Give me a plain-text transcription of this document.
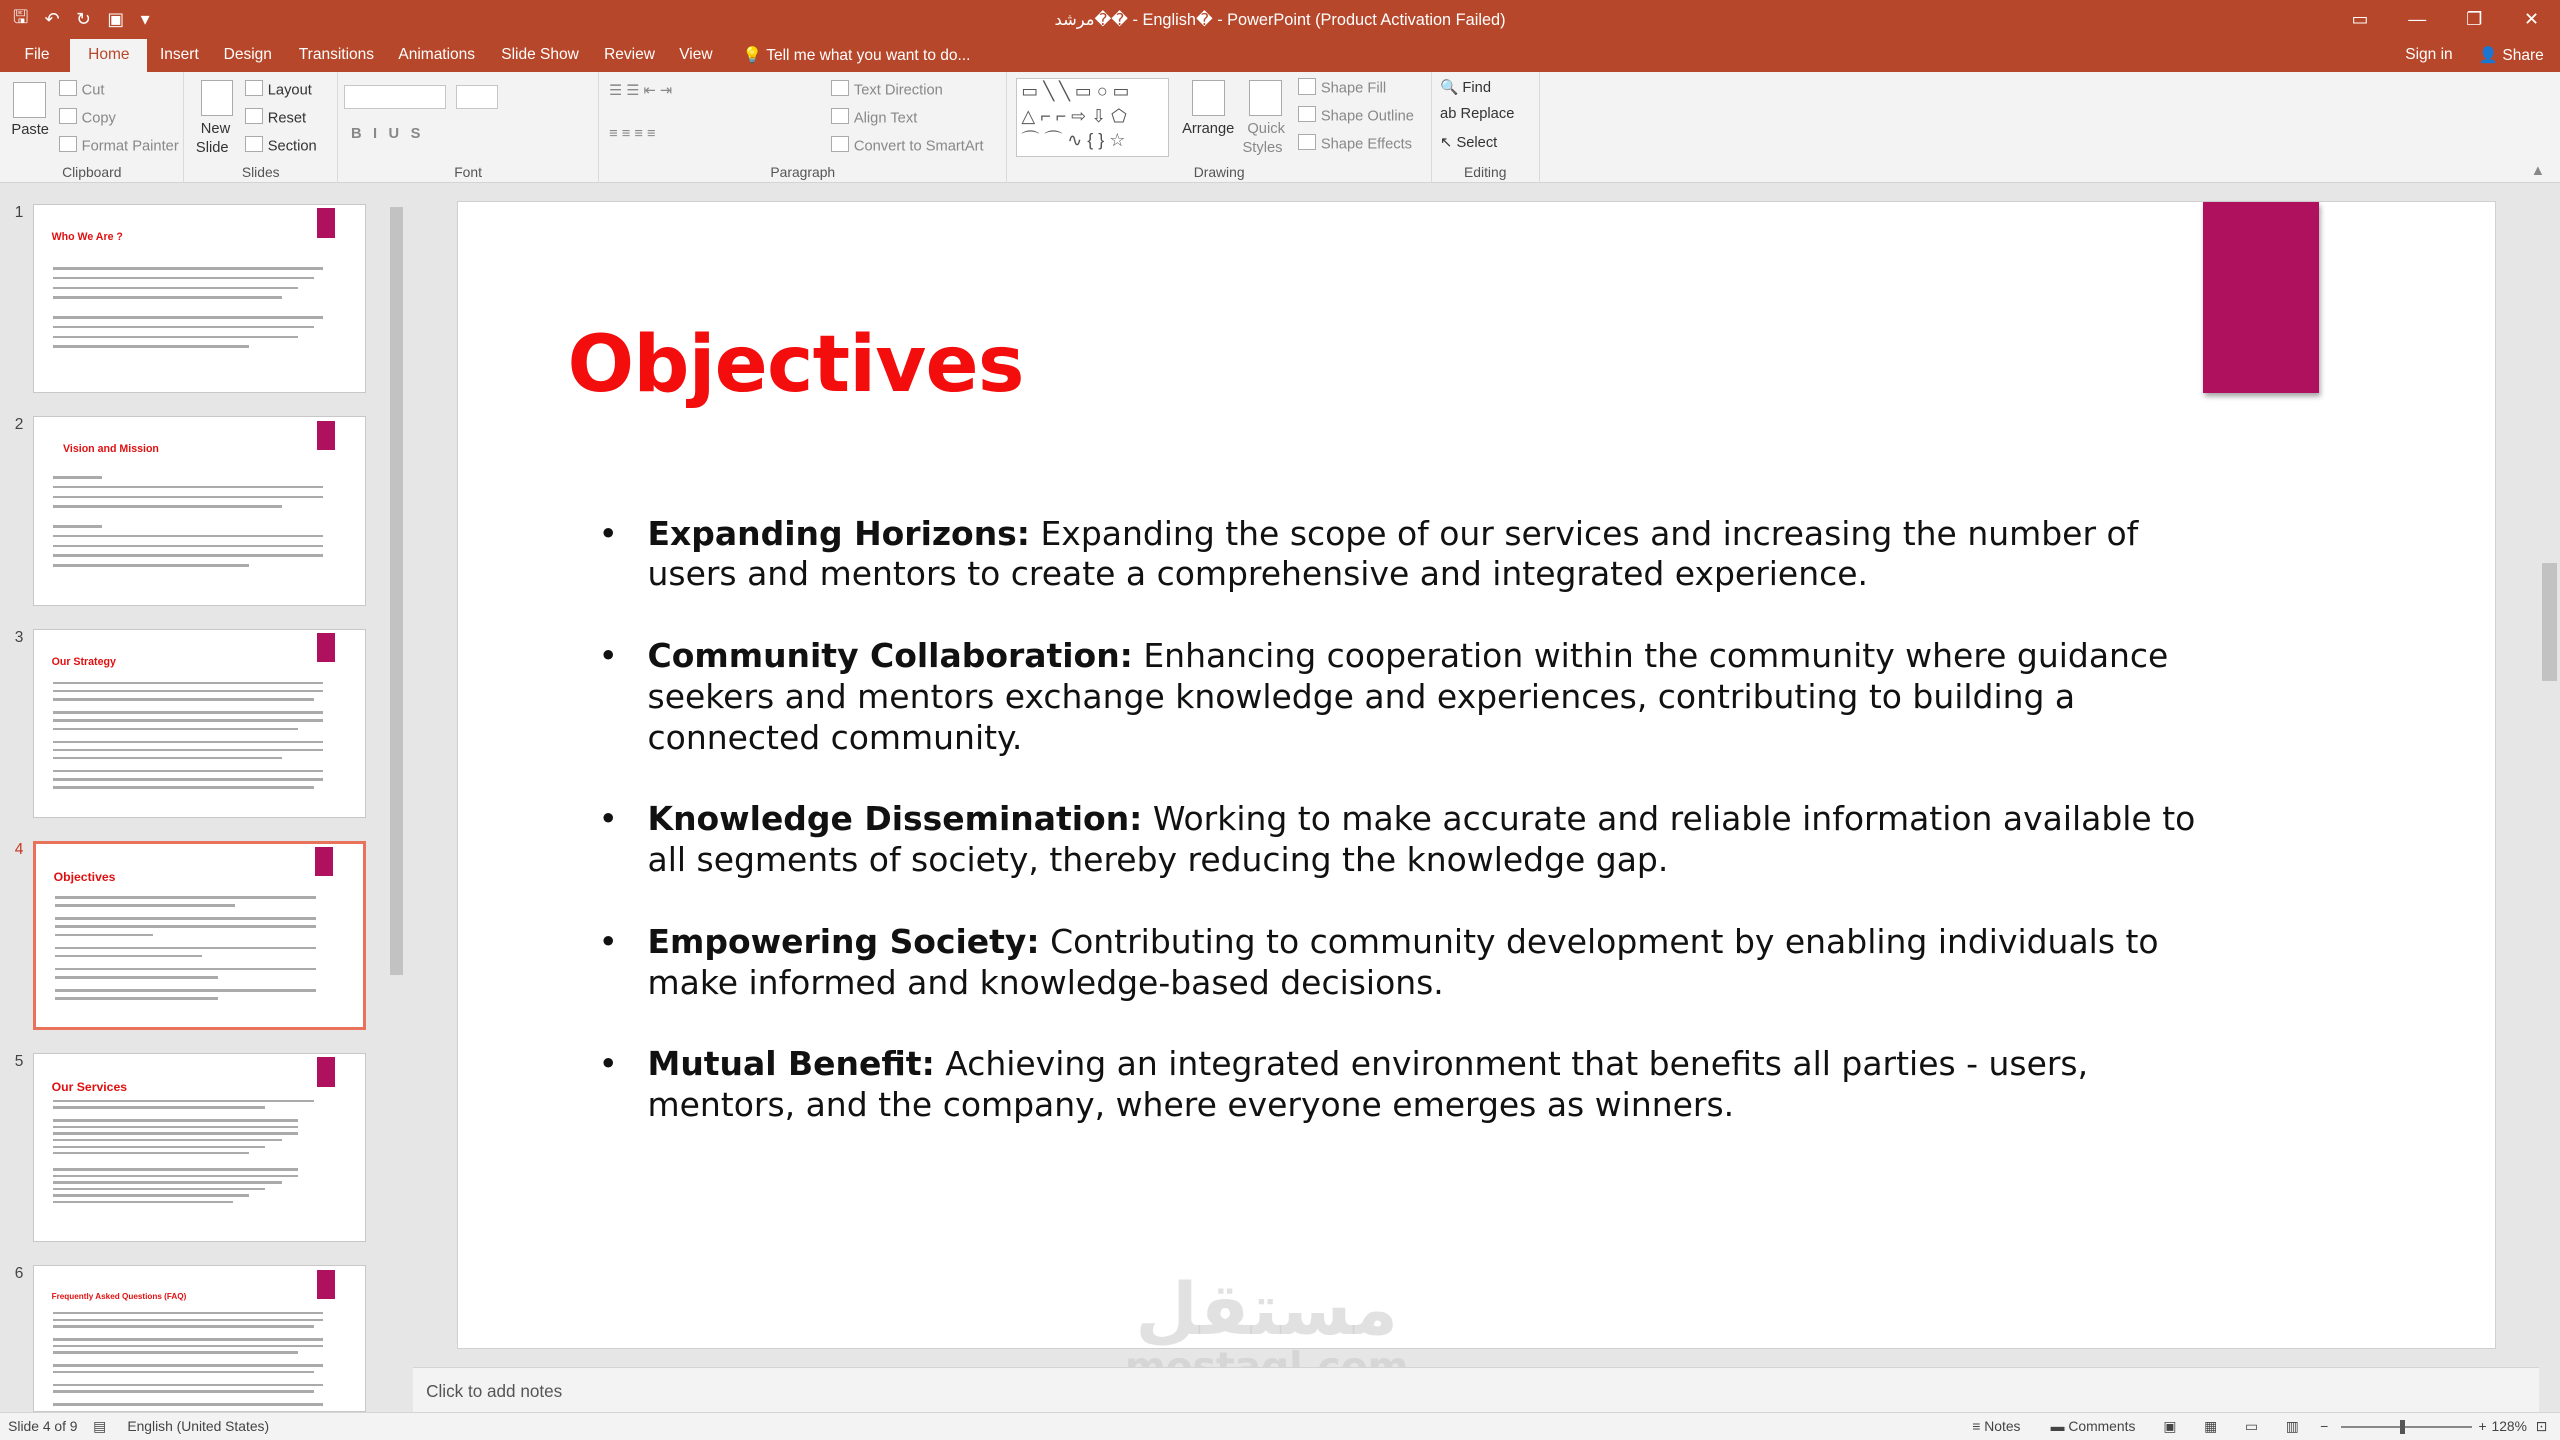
🖫 ↶ ↻ ▣ ▾	مرشد�� - English� - PowerPoint (Product Activation Failed)	▭	—	❐	✕
File	Home	Insert	Design	Transitions	Animations	Slide Show	Review	View	💡 Tell me what you want to do...	Sign in	👤 Share
Paste
Cut
Copy
Format Painter
Clipboard
New
Slide
Layout
Reset
Section
Slides
BIUS
Font
Text Direction
Align Text
Convert to SmartArt
☰ ☰ ⇤ ⇥
≡ ≡ ≡ ≡
Paragraph
▭ ╲ ╲ ▭ ○ ▭
△ ⌐ ⌐ ⇨ ⇩ ⬠
⌒ ⌒ ∿ { } ☆
Arrange Quick
Styles
Shape Fill
Shape Outline
Shape Effects
Drawing
🔍 Find
ab Replace
↖ Select
Editing	▲
1
Who We Are ?
2
Vision and Mission
3
Our Strategy
4
Objectives
5
Our Services
6
Frequently Asked Questions (FAQ)
Objectives
• Expanding Horizons: Expanding the scope of our services and increasing the number of users and mentors to create a comprehensive and integrated experience.
• Community Collaboration: Enhancing cooperation within the community where guidance seekers and mentors exchange knowledge and experiences, contributing to building a connected community.
• Knowledge Dissemination: Working to make accurate and reliable information available to all segments of society, thereby reducing the knowledge gap.
• Empowering Society: Contributing to community development by enabling individuals to make informed and knowledge-based decisions.
• Mutual Benefit: Achieving an integrated environment that benefits all parties - users, mentors, and the company, where everyone emerges as winners.
مستقل
Click to add notes
Slide 4 of 9 ▤ English (United States)	≡ Notes	▬ Comments	▣	▦	▭	▥ −	+ 128% ⊡
